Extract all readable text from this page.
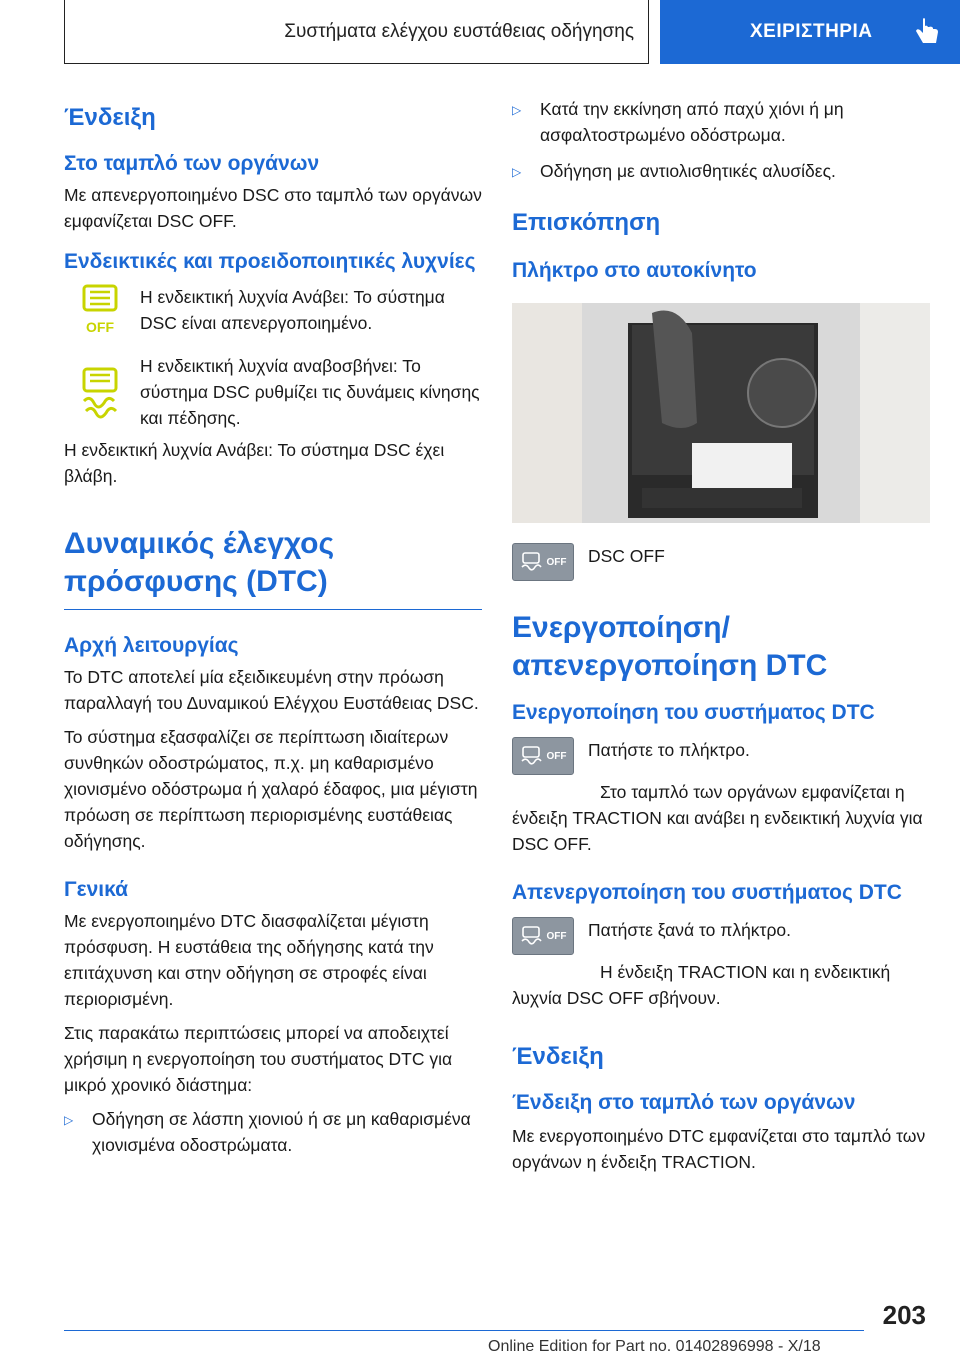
Συστήματα ελέγχου ευστάθειας οδήγησης	ΧΕΙΡΙΣΤΗΡΙΑ
Ένδειξη
Στο ταμπλό των οργάνων
Με απενεργοποιημένο DSC στο ταμπλό των οργάνων εμφανίζεται DSC OFF.
Ενδεικτικές και προειδοποιητικές λυχνίες
OFF
Η ενδεικτική λυχνία Ανάβει: Το σύστημα DSC είναι απενεργοποιημένο.
Η ενδεικτική λυχνία αναβοσβήνει: Το σύστημα DSC ρυθμίζει τις δυνάμεις κίνησης και πέδησης.
Η ενδεικτική λυχνία Ανάβει: Το σύστημα DSC έχει βλάβη.
Δυναμικός έλεγχος πρόσφυσης (DTC)
Αρχή λειτουργίας
Το DTC αποτελεί μία εξειδικευμένη στην πρόωση παραλλαγή του Δυναμικού Ελέγχου Ευστάθειας DSC.
Το σύστημα εξασφαλίζει σε περίπτωση ιδιαίτερων συνθηκών οδοστρώματος, π.χ. μη καθαρισμένο χιονισμένο οδόστρωμα ή χαλαρό έδαφος, μια μέγιστη πρόωση σε περίπτωση περιορισμένης ευστάθειας οδήγησης.
Γενικά
Με ενεργοποιημένο DTC διασφαλίζεται μέγιστη πρόσφυση. Η ευστάθεια της οδήγησης κατά την επιτάχυνση και στην οδήγηση σε στροφές είναι περιορισμένη.
Στις παρακάτω περιπτώσεις μπορεί να αποδειχτεί χρήσιμη η ενεργοποίηση του συστήματος DTC για μικρό χρονικό διάστημα:
▷	Οδήγηση σε λάσπη χιονιού ή σε μη καθαρισμένα χιονισμένα οδοστρώματα.
▷	Κατά την εκκίνηση από παχύ χιόνι ή μη ασφαλτοστρωμένο οδόστρωμα.
▷	Οδήγηση με αντιολισθητικές αλυσίδες.
Επισκόπηση
Πλήκτρο στο αυτοκίνητο
OFF DSC OFF
Ενεργοποίηση/απενεργοποίηση DTC
Ενεργοποίηση του συστήματος DTC
OFF Πατήστε το πλήκτρο.
Στο ταμπλό των οργάνων εμφανίζεται η ένδειξη TRACTION και ανάβει η ενδεικτική λυχνία για DSC OFF.
Απενεργοποίηση του συστήματος DTC
OFF Πατήστε ξανά το πλήκτρο.
Η ένδειξη TRACTION και η ενδεικτική λυχνία DSC OFF σβήνουν.
Ένδειξη
Ένδειξη στο ταμπλό των οργάνων
Με ενεργοποιημένο DTC εμφανίζεται στο ταμπλό των οργάνων η ένδειξη TRACTION.
203
Online Edition for Part no. 01402896998 - X/18
